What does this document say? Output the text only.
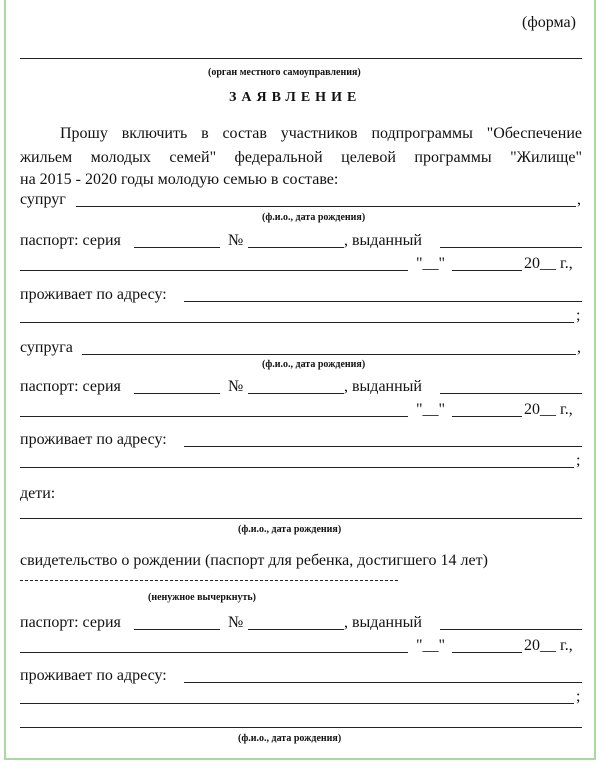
(форма)
(орган местного самоуправления)
ЗАЯВЛЕНИЕ
Прошу включить в состав участников подпрограммы "Обеспечение
жильем молодых семей" федеральной целевой программы "Жилище"
на 2015 - 2020 годы молодую семью в составе:
супруг	,
(ф.и.о., дата рождения)
паспорт: серия	№	, выданный
"__"	20__ г.,
проживает по адресу:
;
супруга	,
(ф.и.о., дата рождения)
паспорт: серия	№	, выданный
"__"	20__ г.,
проживает по адресу:
;
дети:
(ф.и.о., дата рождения)
свидетельство о рождении (паспорт для ребенка, достигшего 14 лет)
(ненужное вычеркнуть)
паспорт: серия	№	, выданный
"__"	20__ г.,
проживает по адресу:
;
(ф.и.о., дата рождения)
